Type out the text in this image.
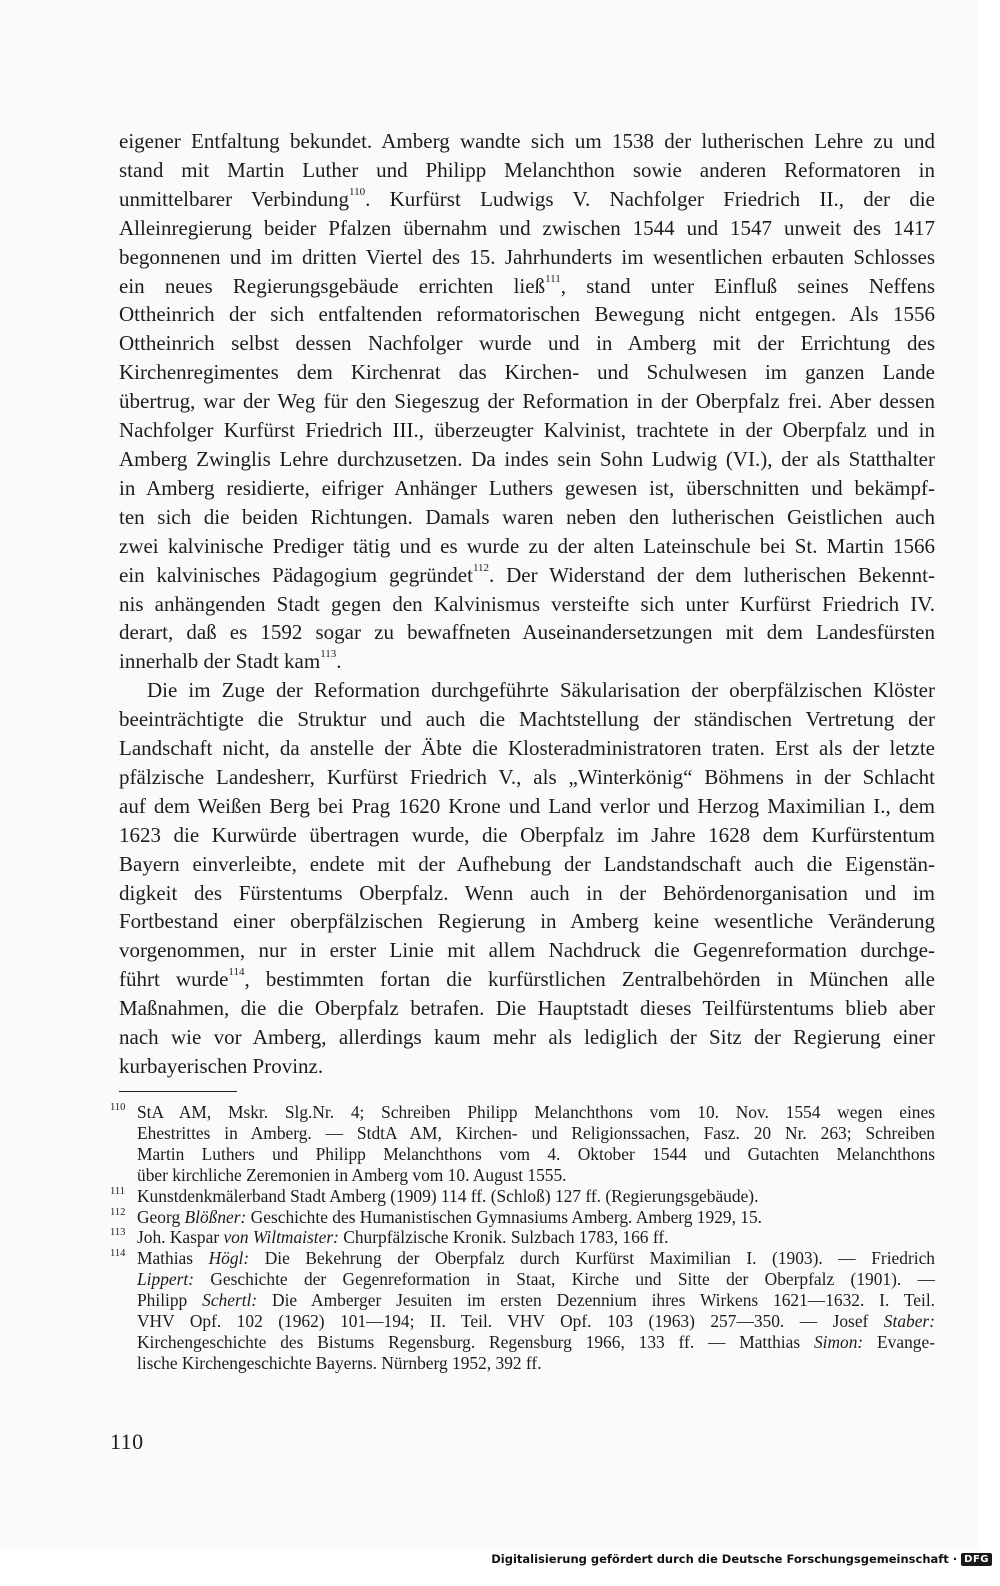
eigener Entfaltung bekundet. Amberg wandte sich um 1538 der lutherischen Lehre zu und

stand mit Martin Luther und Philipp Melanchthon sowie anderen Reformatoren in

unmittelbarer Verbindung$^{110}$. Kurfürst Ludwigs V. Nachfolger Friedrich II., der die

Alleinregierung beider Pfalzen übernahm und zwischen 1544 und 1547 unweit des 1417

begonnenen und im dritten Viertel des 15. Jahrhunderts im wesentlichen erbauten Schlosses

ein neues Regierungsgebäude errichten ließ$^{111}$, stand unter Einfluß seines Neffens

Ottheinrich der sich entfaltenden reformatorischen Bewegung nicht entgegen. Als 1556

Ottheinrich selbst dessen Nachfolger wurde und in Amberg mit der Errichtung des

Kirchenregimentes dem Kirchenrat das Kirchen- und Schulwesen im ganzen Lande

übertrug, war der Weg für den Siegeszug der Reformation in der Oberpfalz frei. Aber dessen

Nachfolger Kurfürst Friedrich III., überzeugter Kalvinist, trachtete in der Oberpfalz und in

Amberg Zwinglis Lehre durchzusetzen. Da indes sein Sohn Ludwig (VI.), der als Statthalter

in Amberg residierte, eifriger Anhänger Luthers gewesen ist, überschnitten und bekämpf-

ten sich die beiden Richtungen. Damals waren neben den lutherischen Geistlichen auch

zwei kalvinische Prediger tätig und es wurde zu der alten Lateinschule bei St. Martin 1566

ein kalvinisches Pädagogium gegründet$^{112}$. Der Widerstand der dem lutherischen Bekennt-

nis anhängenden Stadt gegen den Kalvinismus versteifte sich unter Kurfürst Friedrich IV.

derart, daß es 1592 sogar zu bewaffneten Auseinandersetzungen mit dem Landesfürsten

innerhalb der Stadt kam$^{113}$.

Die im Zuge der Reformation durchgeführte Säkularisation der oberpfälzischen Klöster

beeinträchtigte die Struktur und auch die Machtstellung der ständischen Vertretung der

Landschaft nicht, da anstelle der Äbte die Klosteradministratoren traten. Erst als der letzte

pfälzische Landesherr, Kurfürst Friedrich V., als „Winterkönig“ Böhmens in der Schlacht

auf dem Weißen Berg bei Prag 1620 Krone und Land verlor und Herzog Maximilian I., dem

1623 die Kurwürde übertragen wurde, die Oberpfalz im Jahre 1628 dem Kurfürstentum

Bayern einverleibte, endete mit der Aufhebung der Landstandschaft auch die Eigenstän-

digkeit des Fürstentums Oberpfalz. Wenn auch in der Behördenorganisation und im

Fortbestand einer oberpfälzischen Regierung in Amberg keine wesentliche Veränderung

vorgenommen, nur in erster Linie mit allem Nachdruck die Gegenreformation durchge-

führt wurde$^{114}$, bestimmten fortan die kurfürstlichen Zentralbehörden in München alle

Maßnahmen, die die Oberpfalz betrafen. Die Hauptstadt dieses Teilfürstentums blieb aber

nach wie vor Amberg, allerdings kaum mehr als lediglich der Sitz der Regierung einer

kurbayerischen Provinz.

110 StA AM, Mskr. Slg.Nr. 4; Schreiben Philipp Melanchthons vom 10. Nov. 1554 wegen eines
Ehestrittes in Amberg. — StdtA AM, Kirchen- und Religionssachen, Fasz. 20 Nr. 263; Schreiben
Martin Luthers und Philipp Melanchthons vom 4. Oktober 1544 und Gutachten Melanchthons
über kirchliche Zeremonien in Amberg vom 10. August 1555.
111 Kunstdenkmälerband Stadt Amberg (1909) 114 ff. (Schloß) 127 ff. (Regierungsgebäude).
112 Georg Blößner: Geschichte des Humanistischen Gymnasiums Amberg. Amberg 1929, 15.
113 Joh. Kaspar von Wiltmaister: Churpfälzische Kronik. Sulzbach 1783, 166 ff.
114 Mathias Högl: Die Bekehrung der Oberpfalz durch Kurfürst Maximilian I. (1903). — Friedrich
Lippert: Geschichte der Gegenreformation in Staat, Kirche und Sitte der Oberpfalz (1901). —
Philipp Schertl: Die Amberger Jesuiten im ersten Dezennium ihres Wirkens 1621—1632. I. Teil.
VHV Opf. 102 (1962) 101—194; II. Teil. VHV Opf. 103 (1963) 257—350. — Josef Staber:
Kirchengeschichte des Bistums Regensburg. Regensburg 1966, 133 ff. — Matthias Simon: Evange-
lische Kirchengeschichte Bayerns. Nürnberg 1952, 392 ff.
110
Digitalisierung gefördert durch die Deutsche Forschungsgemeinschaft · DFG
